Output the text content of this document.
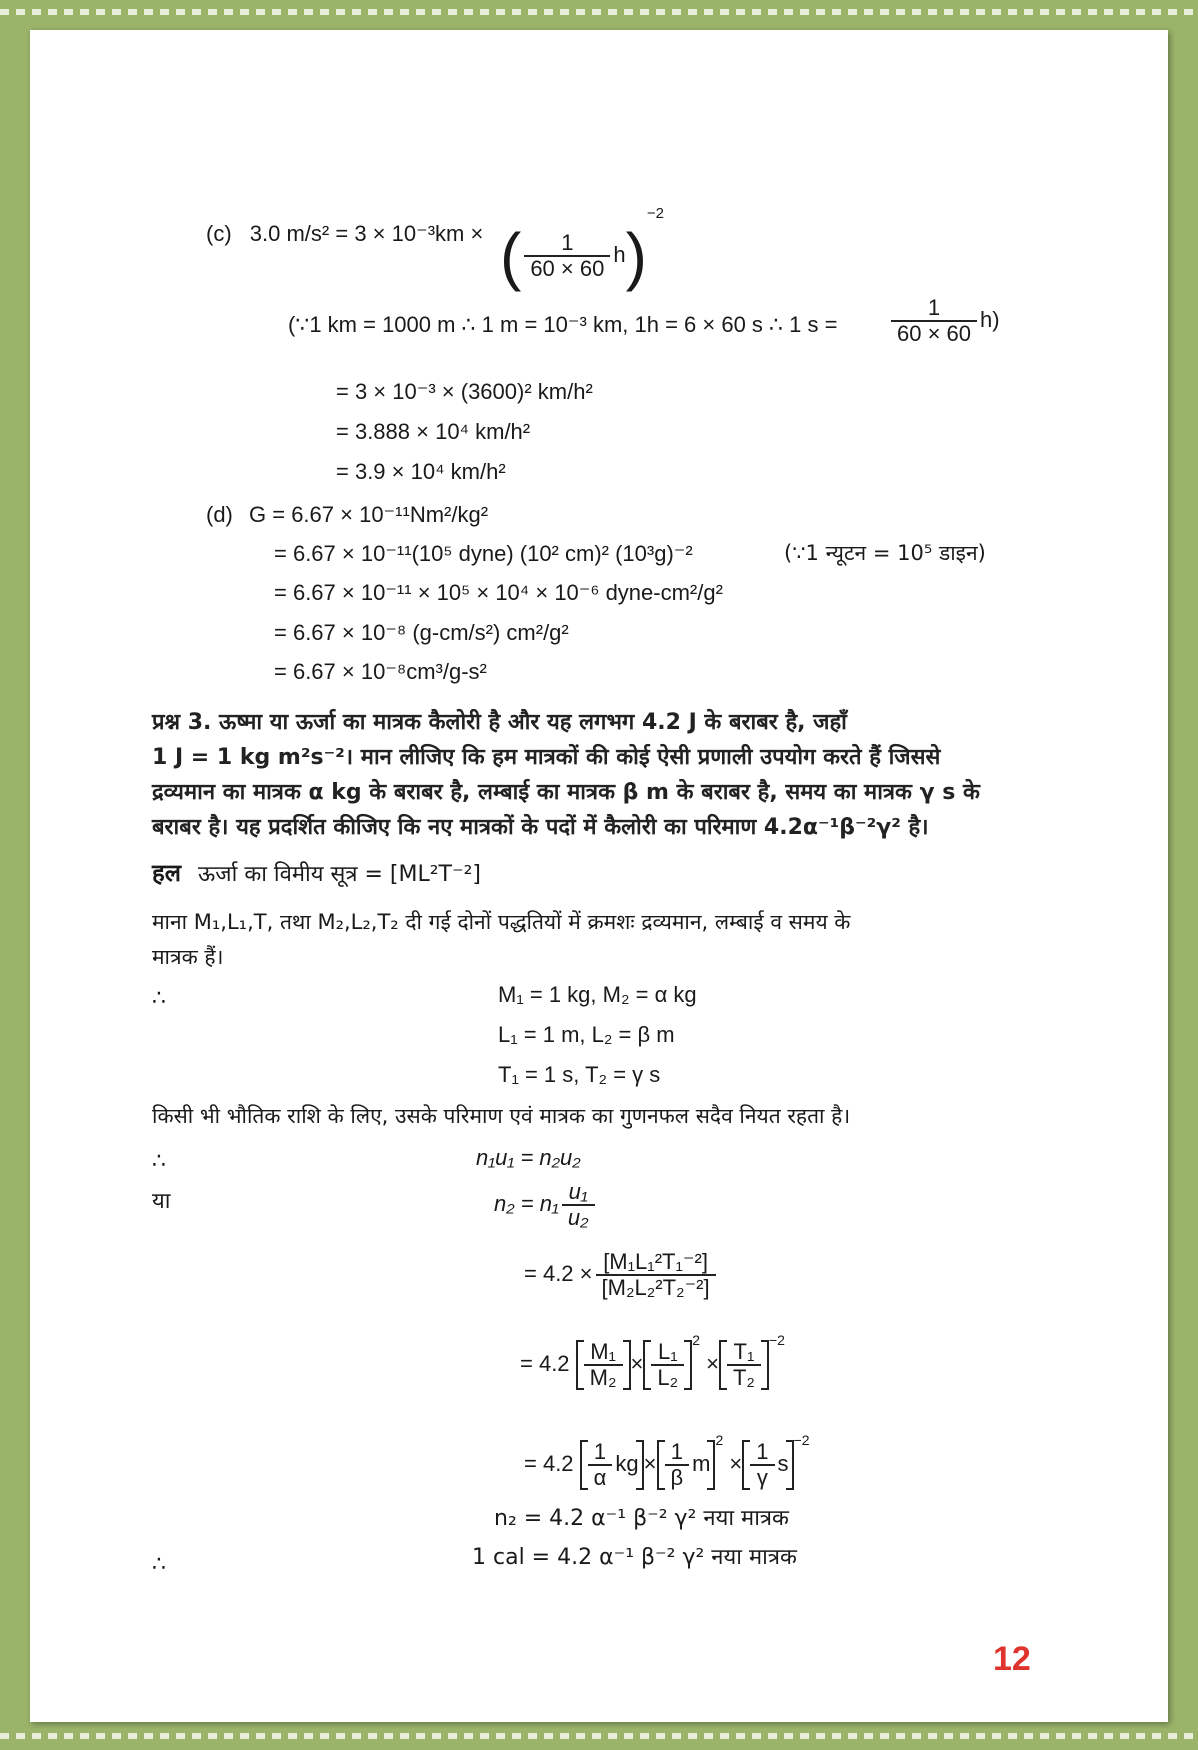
(c) 3.0 m/s² = 3 × 10⁻³km × ( $\frac{1}{60 \times 60} h)^{-2}$
(∵1 km = 1000 m ∴ 1 m = 10⁻³ km, 1h = 6 × 60 s ∴ 1 $s = \frac{1}{60 \times 60} h$)
= 3 × 10⁻³ × (3600)² km/h²
= 3.888 × 10⁴ km/h²
= 3.9 × 10⁴ km/h²
(d) G = 6.67 × 10⁻¹¹Nm²/kg²
= 6.67 × 10⁻¹¹(10⁵ dyne) (10² cm)² (10³g)⁻²	(∵1 न्यूटन = 10⁵ डाइन)
= 6.67 × 10⁻¹¹ × 10⁵ × 10⁴ × 10⁻⁶ dyne-cm²/g²
= 6.67 × 10⁻⁸ (g-cm/s²) cm²/g²
= 6.67 × 10⁻⁸cm³/g-s²
प्रश्न 3. ऊष्मा या ऊर्जा का मात्रक कैलोरी है और यह लगभग 4.2 J के बराबर है, जहाँ
1 J = 1 kg m²s⁻²। मान लीजिए कि हम मात्रकों की कोई ऐसी प्रणाली उपयोग करते हैं जिससे
द्रव्यमान का मात्रक α kg के बराबर है, लम्बाई का मात्रक β m के बराबर है, समय का मात्रक γ s के
बराबर है। यह प्रदर्शित कीजिए कि नए मात्रकों के पदों में कैलोरी का परिमाण 4.2α⁻¹β⁻²γ² है।
हल ऊर्जा का विमीय सूत्र = [ML²T⁻²]
माना M₁,L₁,T, तथा M₂,L₂,T₂ दी गई दोनों पद्धतियों में क्रमशः द्रव्यमान, लम्बाई व समय के
मात्रक हैं।
∴	M₁ = 1 kg, M₂ = α kg
L₁ = 1 m, L₂ = β m
T₁ = 1 s, T₂ = γ s
किसी भी भौतिक राशि के लिए, उसके परिमाण एवं मात्रक का गुणनफल सदैव नियत रहता है।
∴	n₁u₁ = n₂u₂
या	$n_2 = n_1 \frac{\text{u₁}}{\text{u₂}}$
= $4.2 \times \frac{\text{[M₁L₁²T₁⁻²]}}{\text{[M₂L₂²T₂⁻²]}}$
= $4.2 \frac{\text{M₁}}{\text{M₂}} \times \frac{\text{L₁}}{\text{L₂}} ^2 \times \frac{\text{T₁}}{\text{T₂}} ^{-2}$
= $4.2 \frac{1}{\alpha}$ kg × $\frac{1}{\beta} m^2 \times \frac{1}{\gamma} s^{-2}$
n₂ = 4.2 α⁻¹ β⁻² γ² नया मात्रक
∴	1 cal = 4.2 α⁻¹ β⁻² γ² नया मात्रक
12
